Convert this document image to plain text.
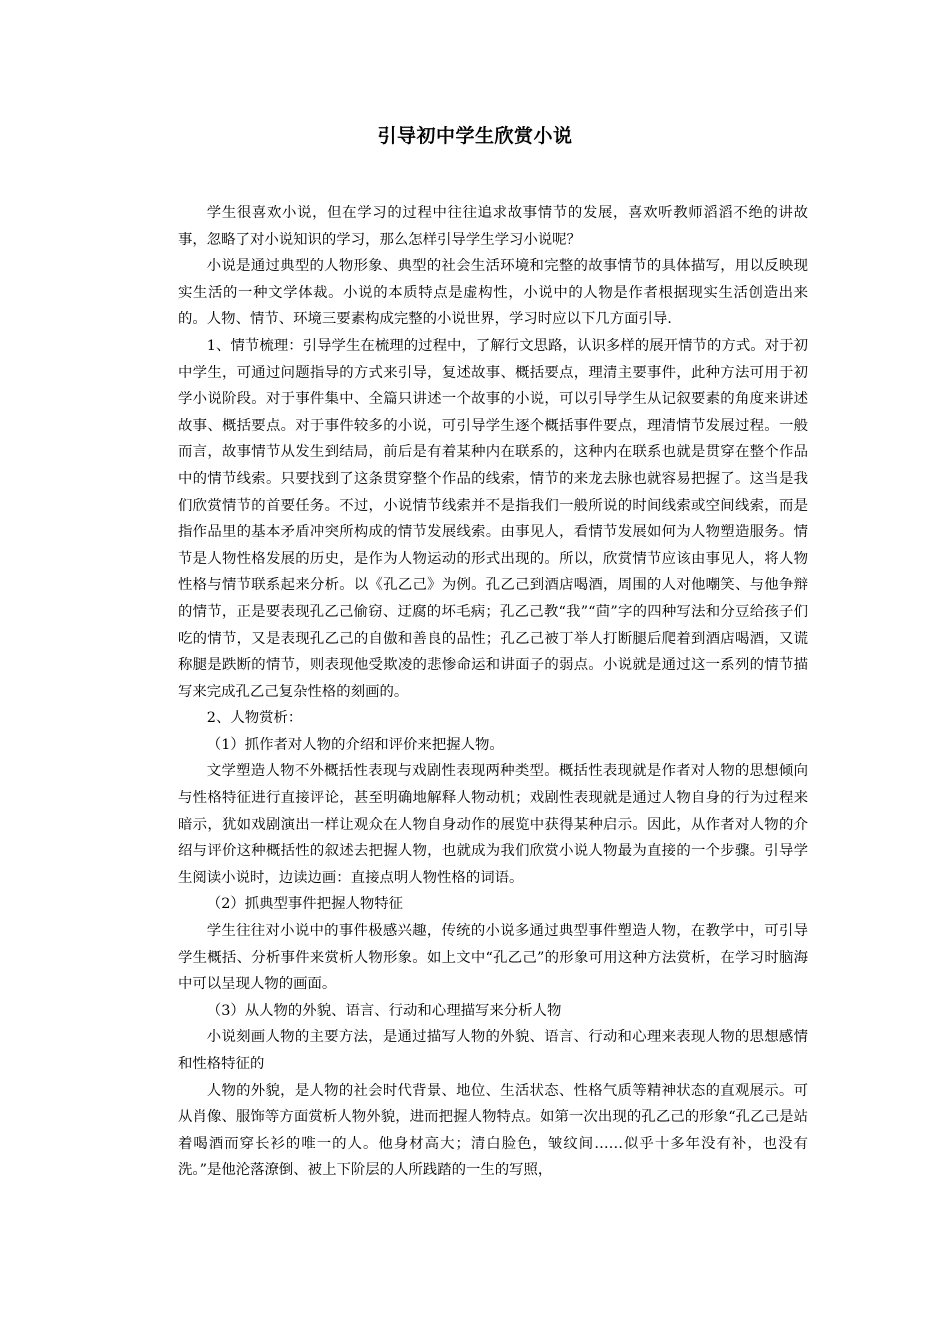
引导初中学生欣赏小说

学生很喜欢小说，但在学习的过程中往往追求故事情节的发展，喜欢听教师滔滔不绝的讲故事，忽略了对小说知识的学习，那么怎样引导学生学习小说呢？

小说是通过典型的人物形象、典型的社会生活环境和完整的故事情节的具体描写，用以反映现实生活的一种文学体裁。小说的本质特点是虚构性，小说中的人物是作者根据现实生活创造出来的。人物、情节、环境三要素构成完整的小说世界，学习时应以下几方面引导.

1、情节梳理：引导学生在梳理的过程中，了解行文思路，认识多样的展开情节的方式。对于初中学生，可通过问题指导的方式来引导，复述故事、概括要点，理清主要事件，此种方法可用于初学小说阶段。对于事件集中、全篇只讲述一个故事的小说，可以引导学生从记叙要素的角度来讲述故事、概括要点。对于事件较多的小说，可引导学生逐个概括事件要点，理清情节发展过程。一般而言，故事情节从发生到结局，前后是有着某种内在联系的，这种内在联系也就是贯穿在整个作品中的情节线索。只要找到了这条贯穿整个作品的线索，情节的来龙去脉也就容易把握了。这当是我们欣赏情节的首要任务。不过，小说情节线索并不是指我们一般所说的时间线索或空间线索，而是指作品里的基本矛盾冲突所构成的情节发展线索。由事见人，看情节发展如何为人物塑造服务。情节是人物性格发展的历史，是作为人物运动的形式出现的。所以，欣赏情节应该由事见人，将人物性格与情节联系起来分析。以《孔乙己》为例。孔乙己到酒店喝酒，周围的人对他嘲笑、与他争辩的情节，正是要表现孔乙己偷窃、迂腐的坏毛病；孔乙己教“我”“茴”字的四种写法和分豆给孩子们吃的情节，又是表现孔乙己的自傲和善良的品性；孔乙己被丁举人打断腿后爬着到酒店喝酒，又谎称腿是跌断的情节，则表现他受欺凌的悲惨命运和讲面子的弱点。小说就是通过这一系列的情节描写来完成孔乙己复杂性格的刻画的。

2、人物赏析：

（1）抓作者对人物的介绍和评价来把握人物。

文学塑造人物不外概括性表现与戏剧性表现两种类型。概括性表现就是作者对人物的思想倾向与性格特征进行直接评论，甚至明确地解释人物动机；戏剧性表现就是通过人物自身的行为过程来暗示，犹如戏剧演出一样让观众在人物自身动作的展览中获得某种启示。因此，从作者对人物的介绍与评价这种概括性的叙述去把握人物，也就成为我们欣赏小说人物最为直接的一个步骤。引导学生阅读小说时，边读边画：直接点明人物性格的词语。

（2）抓典型事件把握人物特征

学生往往对小说中的事件极感兴趣，传统的小说多通过典型事件塑造人物，在教学中，可引导学生概括、分析事件来赏析人物形象。如上文中“孔乙己”的形象可用这种方法赏析，在学习时脑海中可以呈现人物的画面。

（3）从人物的外貌、语言、行动和心理描写来分析人物

小说刻画人物的主要方法，是通过描写人物的外貌、语言、行动和心理来表现人物的思想感情和性格特征的

人物的外貌，是人物的社会时代背景、地位、生活状态、性格气质等精神状态的直观展示。可从肖像、服饰等方面赏析人物外貌，进而把握人物特点。如第一次出现的孔乙己的形象“孔乙己是站着喝酒而穿长衫的唯一的人。他身材高大；清白脸色，皱纹间……似乎十多年没有补，也没有洗。”是他沦落潦倒、被上下阶层的人所践踏的一生的写照，
